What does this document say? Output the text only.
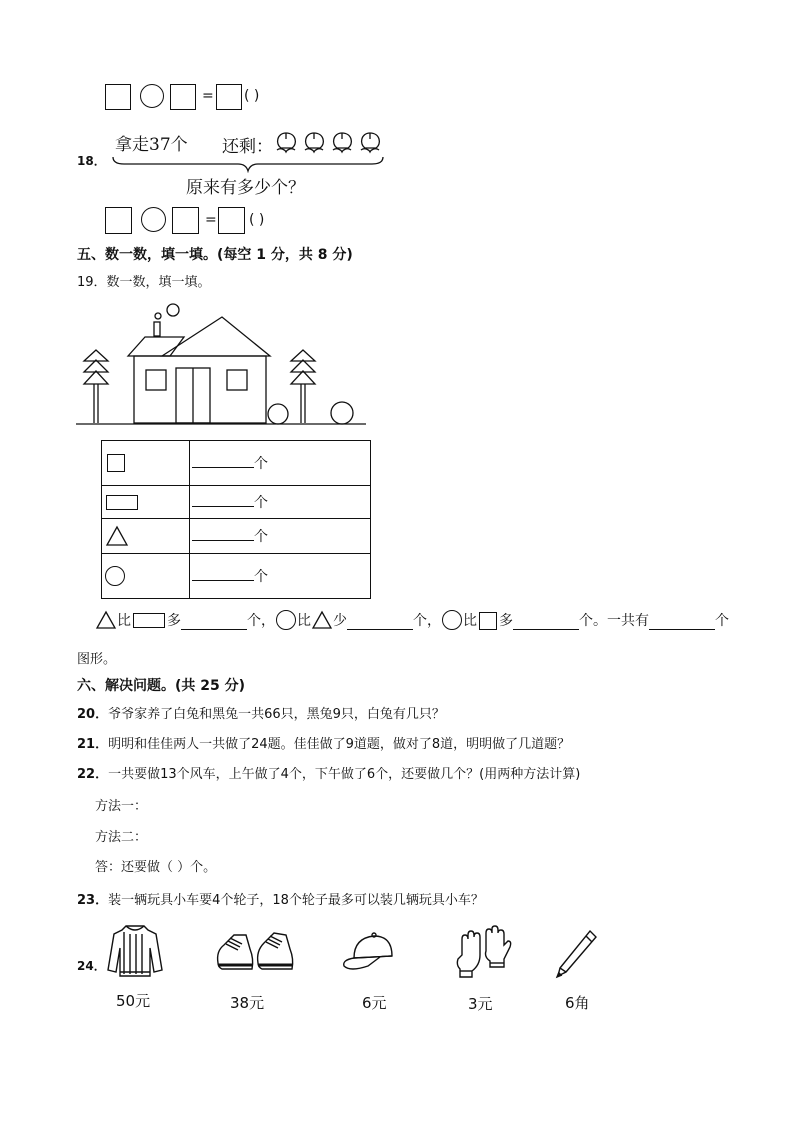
= ( )
18．
拿走37个 还剩：
原来有多少个？
= ( )
五、数一数，填一填。(每空 1 分，共 8 分)
19．数一数，填一填。
	个

	个

	个

	个
比	多	个， 比 少	个， 比 多	个。一共有	个
图形。
六、解决问题。(共 25 分)
20．爷爷家养了白兔和黑兔一共66只，黑兔9只，白兔有几只？
21．明明和佳佳两人一共做了24题。佳佳做了9道题，做对了8道，明明做了几道题？
22．一共要做13个风车，上午做了4个，下午做了6个，还要做几个？(用两种方法计算)
方法一：
方法二：
答：还要做（ ）个。
23．装一辆玩具小车要4个轮子，18个轮子最多可以装几辆玩具小车？
24．
50元	38元	6元	3元	6角
